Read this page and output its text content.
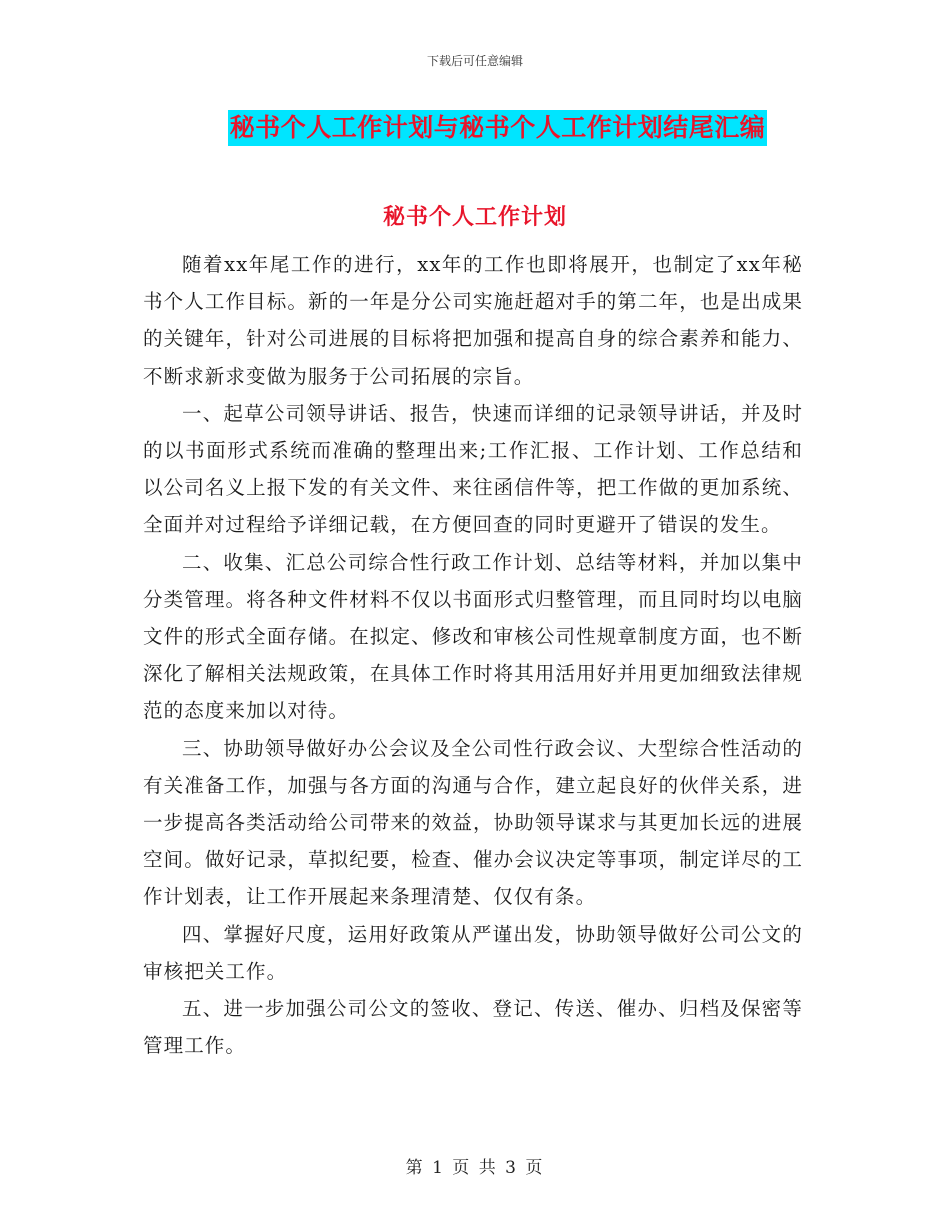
下载后可任意编辑
秘书个人工作计划与秘书个人工作计划结尾汇编
秘书个人工作计划

随着xx年尾工作的进行，xx年的工作也即将展开，也制定了xx年秘书个人工作目标。新的一年是分公司实施赶超对手的第二年，也是出成果的关键年，针对公司进展的目标将把加强和提高自身的综合素养和能力、不断求新求变做为服务于公司拓展的宗旨。

一、起草公司领导讲话、报告，快速而详细的记录领导讲话，并及时的以书面形式系统而准确的整理出来;工作汇报、工作计划、工作总结和以公司名义上报下发的有关文件、来往函信件等，把工作做的更加系统、全面并对过程给予详细记载，在方便回查的同时更避开了错误的发生。

二、收集、汇总公司综合性行政工作计划、总结等材料，并加以集中分类管理。将各种文件材料不仅以书面形式归整管理，而且同时均以电脑文件的形式全面存储。在拟定、修改和审核公司性规章制度方面，也不断深化了解相关法规政策，在具体工作时将其用活用好并用更加细致法律规范的态度来加以对待。

三、协助领导做好办公会议及全公司性行政会议、大型综合性活动的有关准备工作，加强与各方面的沟通与合作，建立起良好的伙伴关系，进一步提高各类活动给公司带来的效益，协助领导谋求与其更加长远的进展空间。做好记录，草拟纪要，检查、催办会议决定等事项，制定详尽的工作计划表，让工作开展起来条理清楚、仅仅有条。

四、掌握好尺度，运用好政策从严谨出发，协助领导做好公司公文的审核把关工作。

五、进一步加强公司公文的签收、登记、传送、催办、归档及保密等管理工作。

第 1 页 共 3 页
